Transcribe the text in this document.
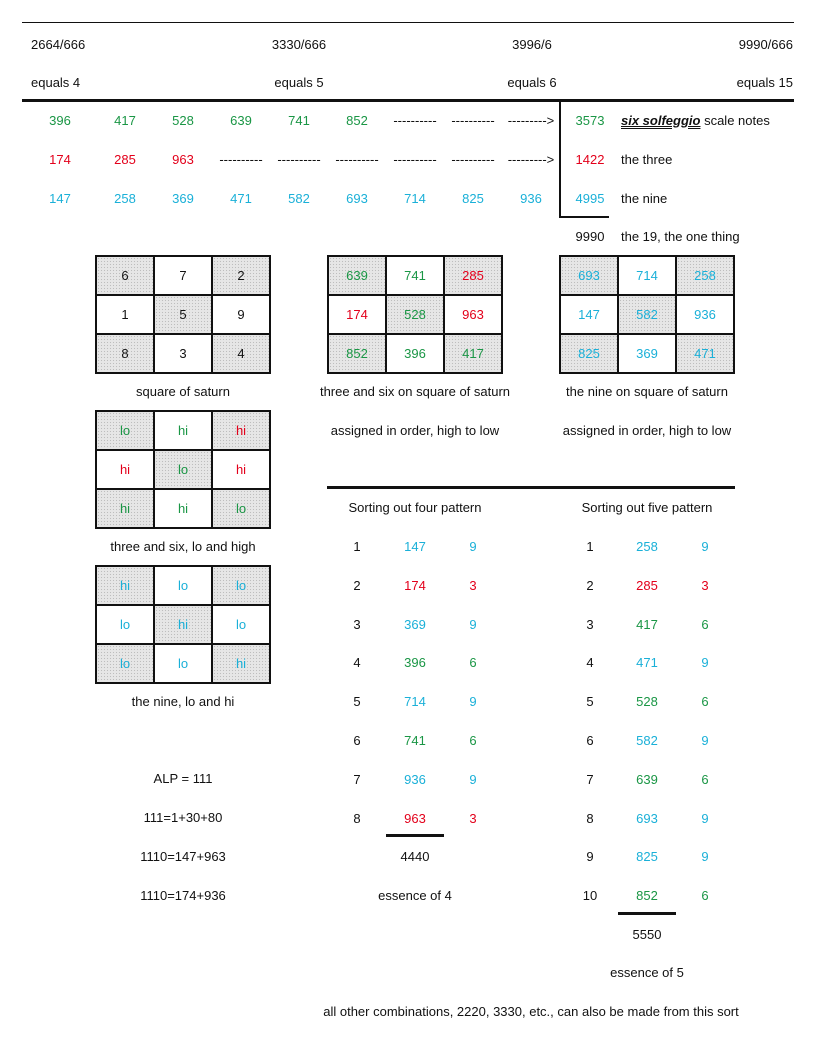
2664/666	3330/666	3996/6	9990/666
equals 4	equals 5	equals 6	equals 15
396	417	528	639	741	852 ---------- ---------- --------->
174	285	963 ---------- ---------- ---------- ---------- ---------- --------->
147	258	369	471	582	693	714	825	936
3573 six solfeggio scale notes
1422 the three
4995 the nine
9990 the 19, the one thing
6	7	2
1	5	9
8	3	4
square of saturn
639	741	285
174	528	963
852	396	417
three and six on square of saturn
assigned in order, high to low
693	714	258
147	582	936
825	369	471
the nine on square of saturn
assigned in order, high to low
lo	hi	hi
hi	lo	hi
hi	hi	lo
three and six, lo and high
hi	lo	lo
lo	hi	lo
lo	lo	hi
the nine, lo and hi
ALP = 111
111=1+30+80
1110=147+963
1110=174+936
Sorting out four pattern
1	147	9
2	174	3
3	369	9
4	396	6
5	714	9
6	741	6
7	936	9
8	963	3
4440
essence of 4
Sorting out five pattern
1	258	9
2	285	3
3	417	6
4	471	9
5	528	6
6	582	9
7	639	6
8	693	9
9	825	9
10	852	6
5550
essence of 5
all other combinations, 2220, 3330, etc., can also be made from this sort
